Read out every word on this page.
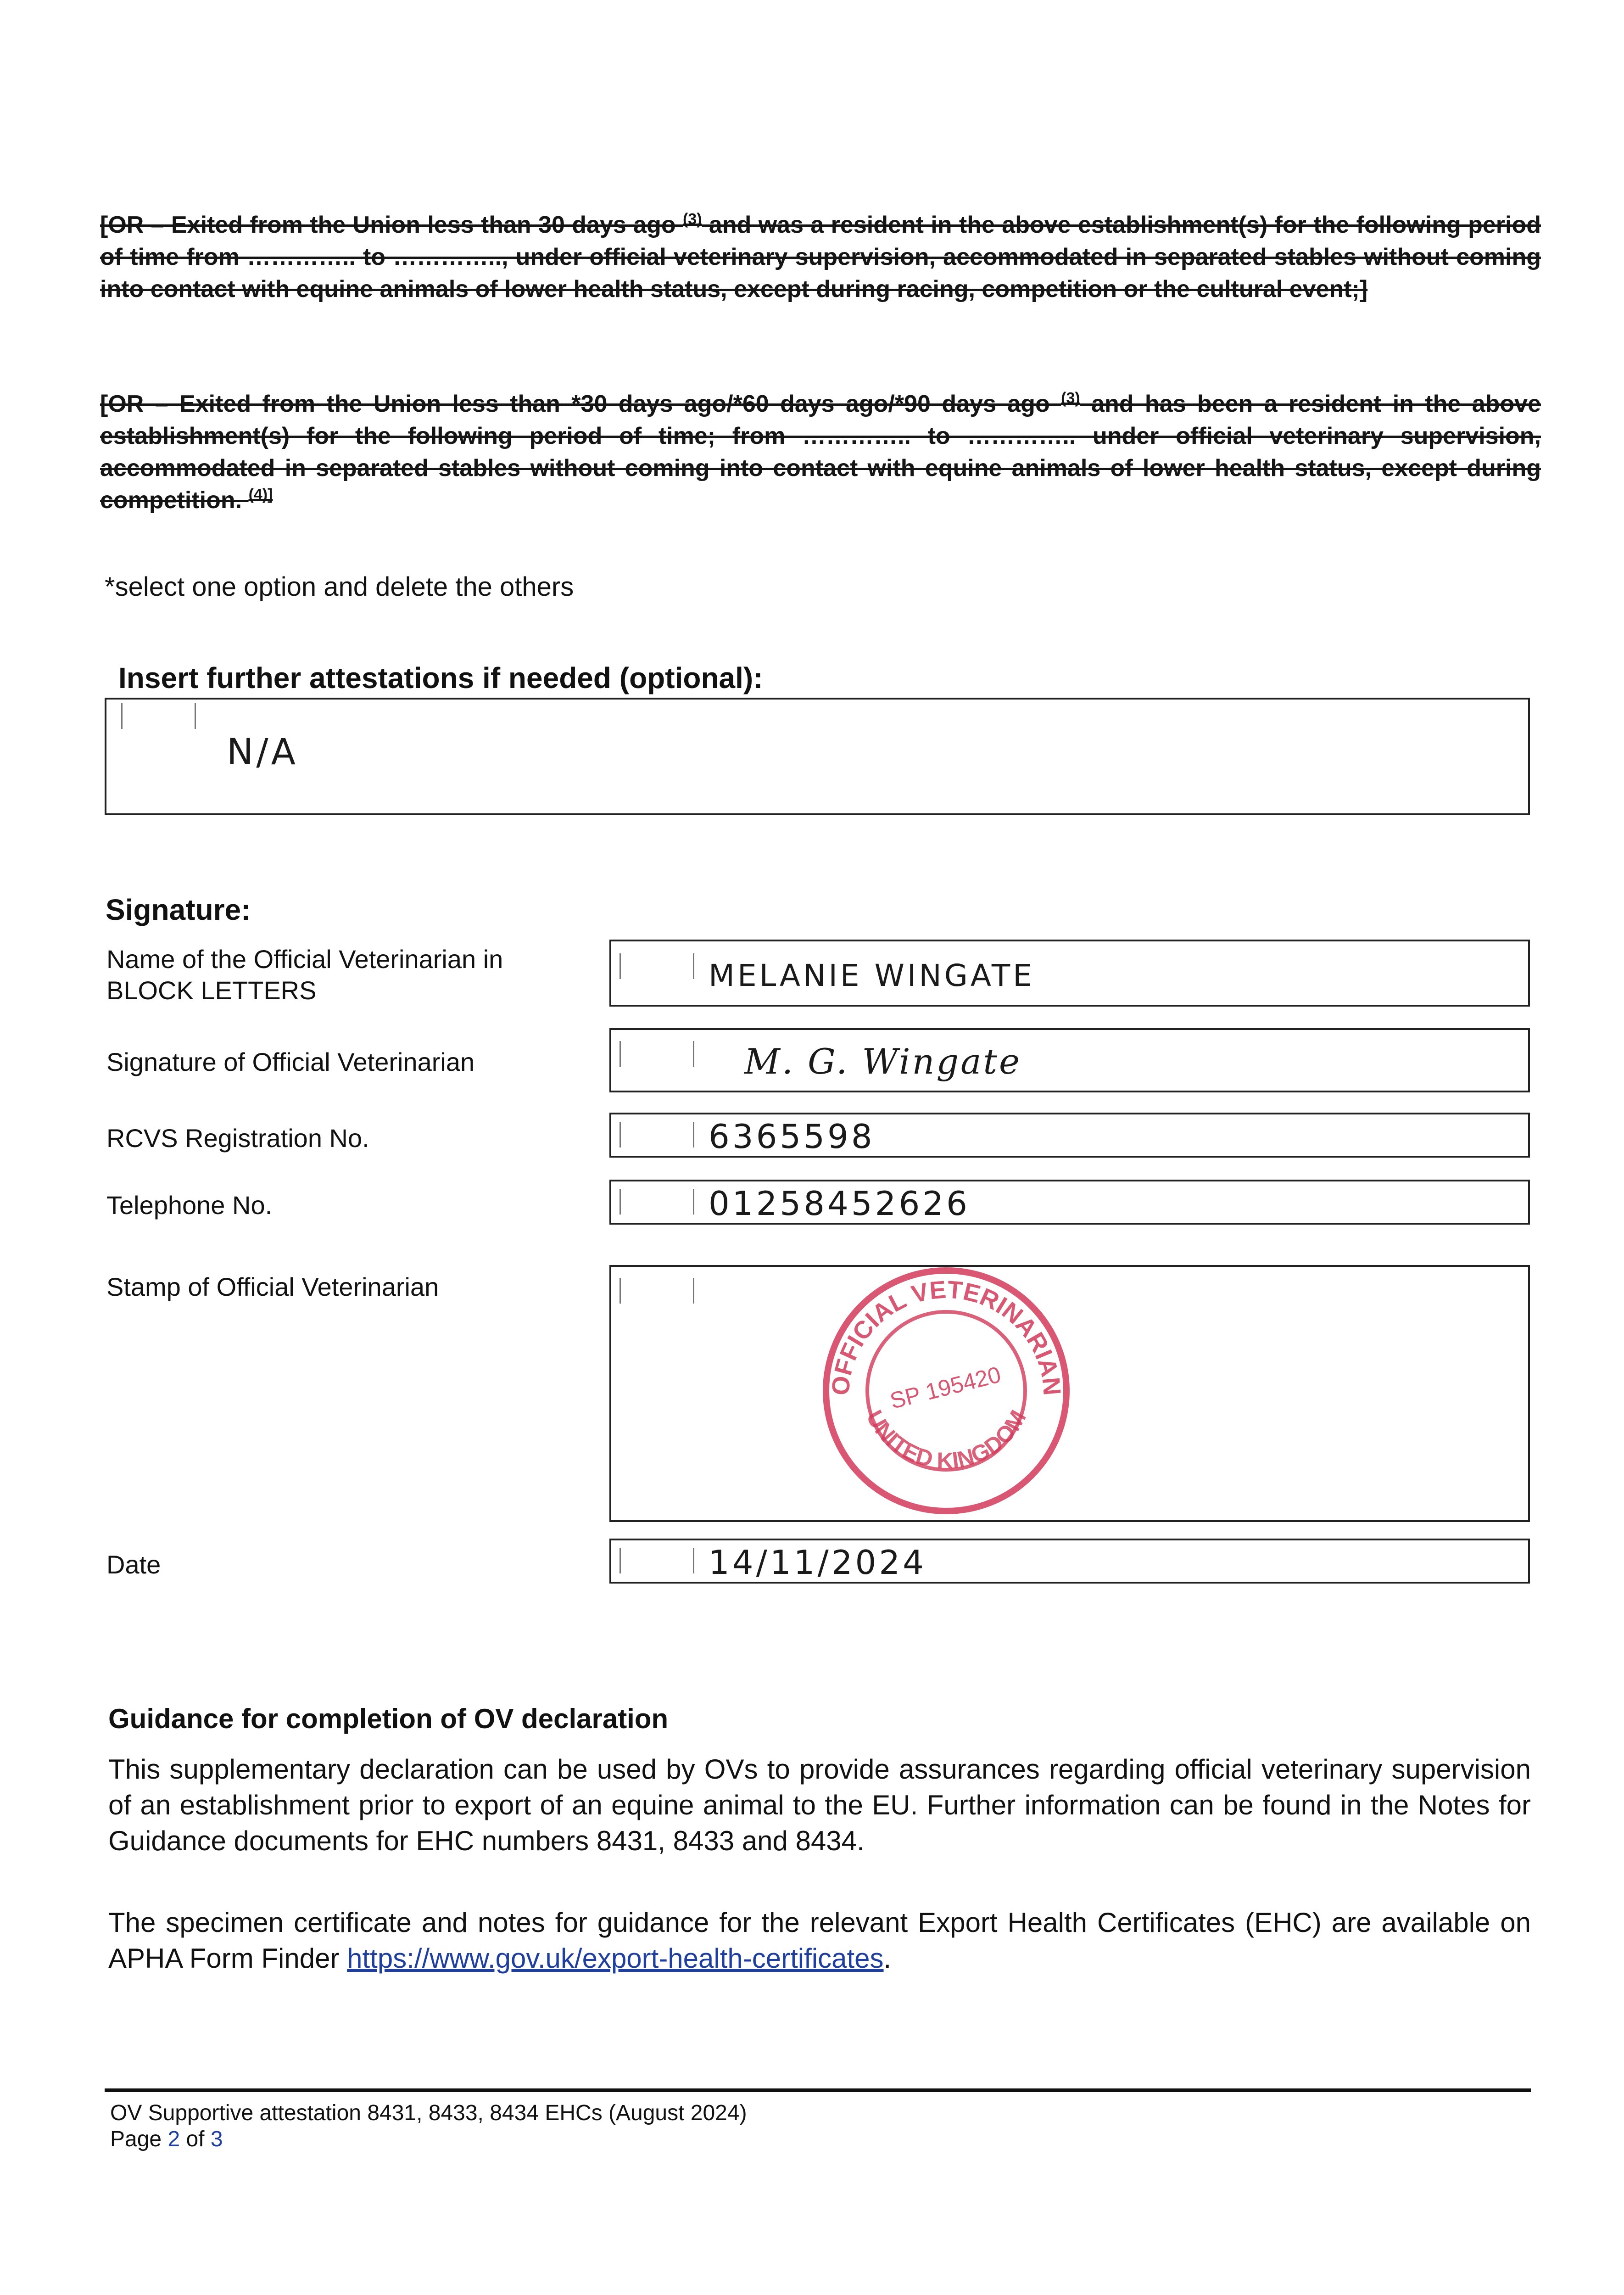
[OR – Exited from the Union less than 30 days ago $^{(3)}$ and was a resident in the above establishment(s) for the following period of time from ………….. to ………….., under official veterinary supervision, accommodated in separated stables without coming into contact with equine animals of lower health status, except during racing, competition or the cultural event;]
[OR – Exited from the Union less than *30 days ago/*60 days ago/*90 days ago $^{(3)}$ and has been a resident in the above establishment(s) for the following period of time; from ………….. to ………….. under official veterinary supervision, accommodated in separated stables without coming into contact with equine animals of lower health status, except during competition. $^{(4)]}$
*select one option and delete the others
Insert further attestations if needed (optional):
N/A
Signature:
Name of the Official Veterinarian in BLOCK LETTERS	MELANIE WINGATE
Signature of Official Veterinarian	M. G. Wingate
RCVS Registration No.	6365598
Telephone No.	01258452626
Stamp of Official Veterinarian
OFFICIAL VETERINARIAN
UNITED KINGDOM
SP 195420
Date	14/11/2024
Guidance for completion of OV declaration
This supplementary declaration can be used by OVs to provide assurances regarding official veterinary supervision of an establishment prior to export of an equine animal to the EU. Further information can be found in the Notes for Guidance documents for EHC numbers 8431, 8433 and 8434.
The specimen certificate and notes for guidance for the relevant Export Health Certificates (EHC) are available on APHA Form Finder https://www.gov.uk/export-health-certificates.
OV Supportive attestation 8431, 8433, 8434 EHCs (August 2024)
Page 2 of 3
